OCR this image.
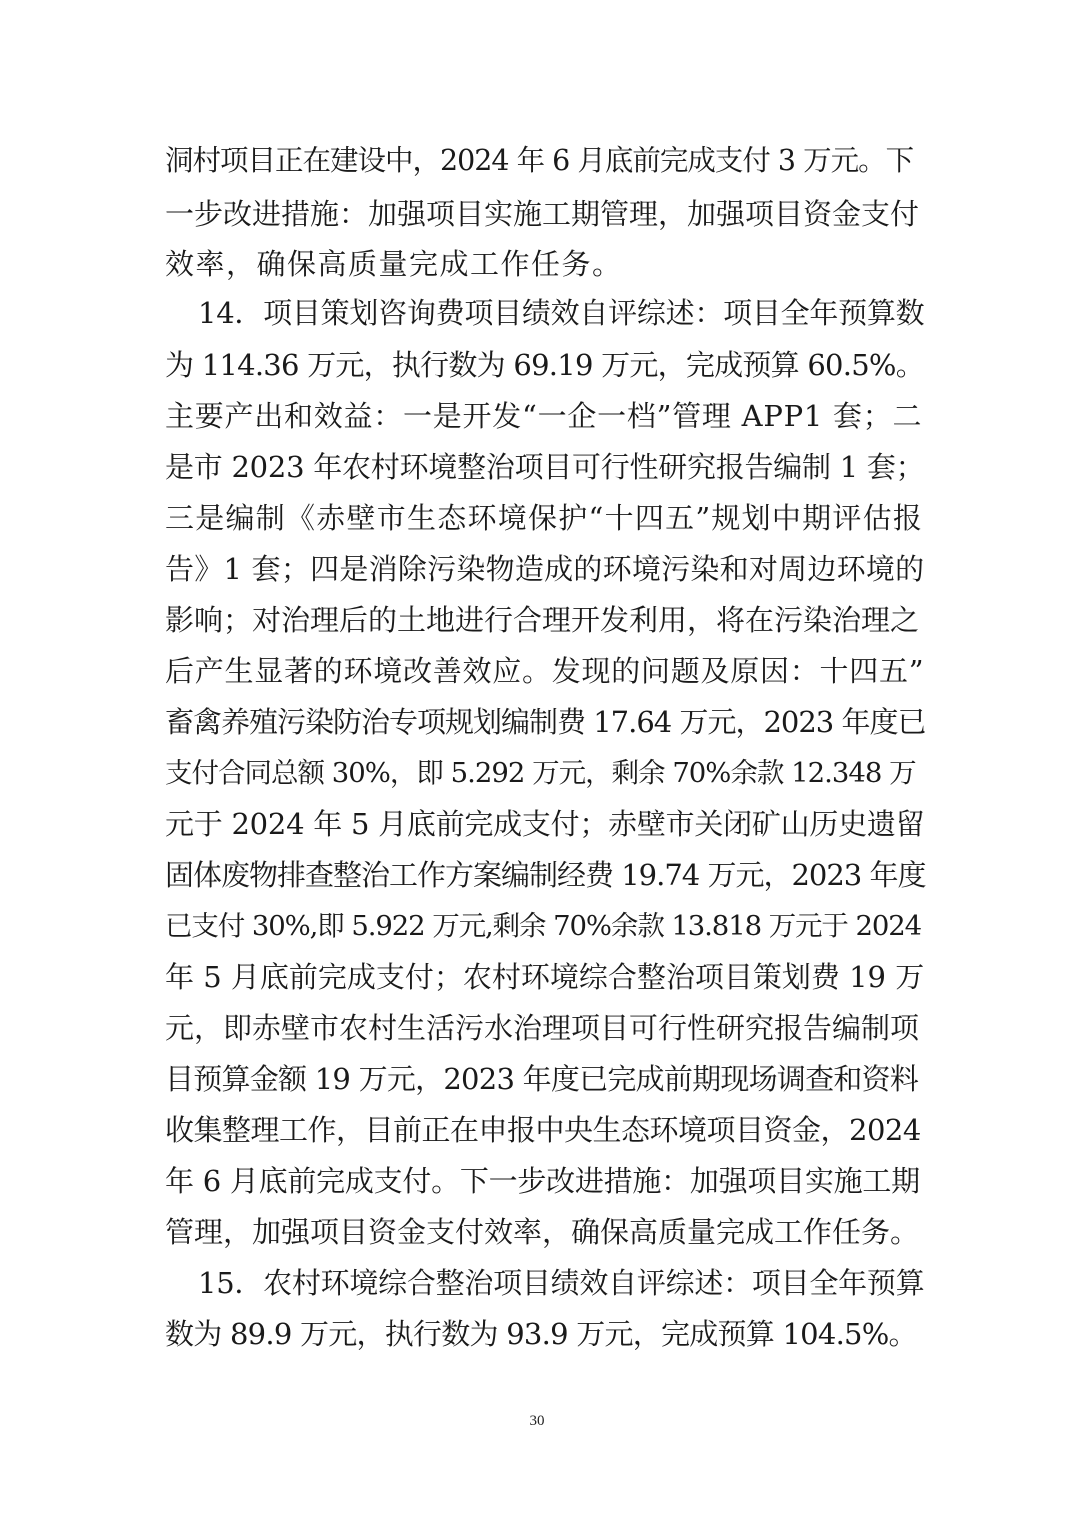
洞村项目正在建设中，2024 年 6 月底前完成支付 3 万元。下
一步改进措施：加强项目实施工期管理，加强项目资金支付
效率，确保高质量完成工作任务。
14．项目策划咨询费项目绩效自评综述：项目全年预算数
为 114.36 万元，执行数为 69.19 万元，完成预算 60.5%。
主要产出和效益：一是开发“一企一档”管理 APP1 套；二
是市 2023 年农村环境整治项目可行性研究报告编制 1 套；
三是编制《赤壁市生态环境保护“十四五”规划中期评估报
告》1 套；四是消除污染物造成的环境污染和对周边环境的
影响；对治理后的土地进行合理开发利用，将在污染治理之
后产生显著的环境改善效应。发现的问题及原因：十四五”
畜禽养殖污染防治专项规划编制费 17.64 万元，2023 年度已
支付合同总额 30%，即 5.292 万元，剩余 70%余款 12.348 万
元于 2024 年 5 月底前完成支付；赤壁市关闭矿山历史遗留
固体废物排查整治工作方案编制经费 19.74 万元，2023 年度
已支付 30%,即 5.922 万元,剩余 70%余款 13.818 万元于 2024
年 5 月底前完成支付；农村环境综合整治项目策划费 19 万
元，即赤壁市农村生活污水治理项目可行性研究报告编制项
目预算金额 19 万元，2023 年度已完成前期现场调查和资料
收集整理工作，目前正在申报中央生态环境项目资金，2024
年 6 月底前完成支付。下一步改进措施：加强项目实施工期
管理，加强项目资金支付效率，确保高质量完成工作任务。
15．农村环境综合整治项目绩效自评综述：项目全年预算
数为 89.9 万元，执行数为 93.9 万元，完成预算 104.5%。
30
